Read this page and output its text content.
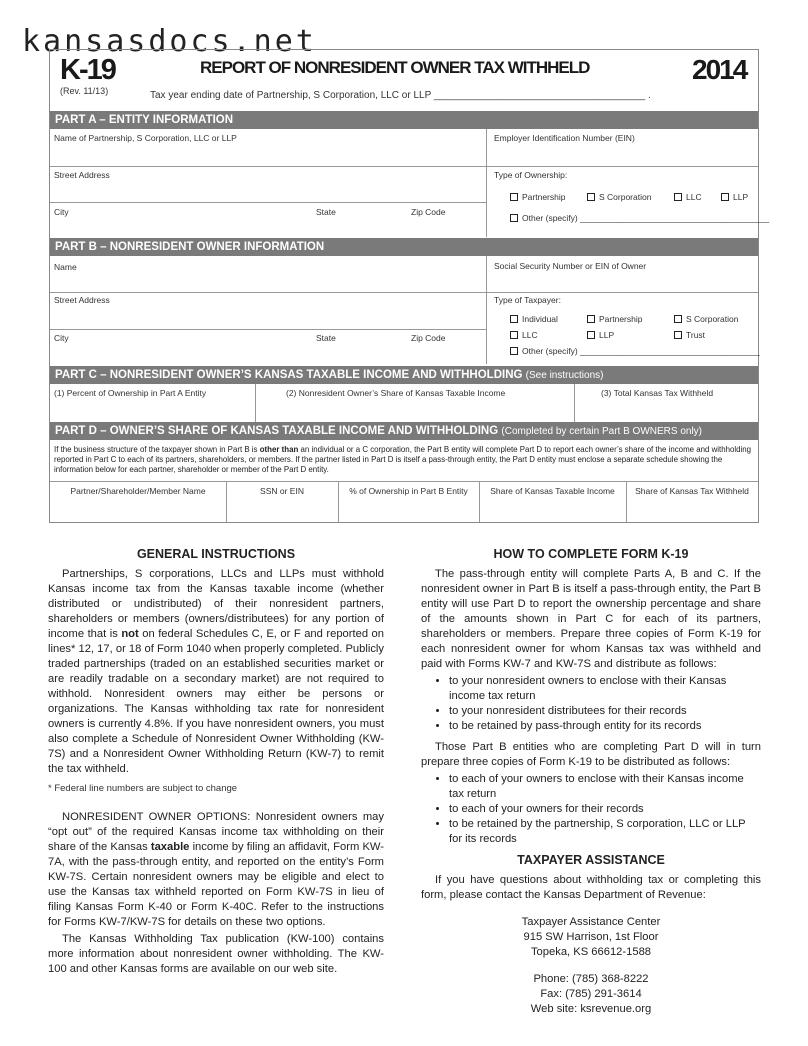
kansasdocs.net
K-19
(Rev. 11/13)
REPORT OF NONRESIDENT OWNER TAX WITHHELD	2014
Tax year ending date of Partnership, S Corporation, LLC or LLP ______________________________________ .
PART A – ENTITY INFORMATION
Name of Partnership, S Corporation, LLC or LLP	Employer Identification Number (EIN)
Street Address	Type of Ownership:
Partnership	S Corporation	LLC	LLP
City	State	Zip Code
Other (specify) ________________________________________
PART B – NONRESIDENT OWNER INFORMATION
Name	Social Security Number or EIN of Owner
Street Address	Type of Taxpayer:
Individual	Partnership	S Corporation
LLC	LLP	Trust
City	State	Zip Code
Other (specify) ______________________________________
PART C – NONRESIDENT OWNER’S KANSAS TAXABLE INCOME AND WITHHOLDING (See instructions)
(1) Percent of Ownership in Part A Entity	(2) Nonresident Owner’s Share of Kansas Taxable Income	(3) Total Kansas Tax Withheld
PART D – OWNER’S SHARE OF KANSAS TAXABLE INCOME AND WITHHOLDING (Completed by certain Part B OWNERS only)
If the business structure of the taxpayer shown in Part B is other than an individual or a C corporation, the Part B entity will complete Part D to report each owner’s share of the income and withholding reported in Part C to each of its partners, shareholders, or members. If the partner listed in Part D is itself a pass-through entity, the Part D entity must enclose a separate schedule showing the information below for each partner, shareholder or member of the Part D entity.
Partner/Shareholder/Member Name	SSN or EIN	% of Ownership in Part B Entity	Share of Kansas Taxable Income	Share of Kansas Tax Withheld
GENERAL INSTRUCTIONS

Partnerships, S corporations, LLCs and LLPs must withhold Kansas income tax from the Kansas taxable income (whether distributed or undistributed) of their nonresident partners, shareholders or members (owners/distributees) for any portion of income that is not on federal Schedules C, E, or F and reported on lines* 12, 17, or 18 of Form 1040 when properly completed. Publicly traded partnerships (traded on an established securities market or are readily tradable on a secondary market) are not required to withhold. Nonresident owners may either be persons or organizations. The Kansas withholding tax rate for nonresident owners is currently 4.8%. If you have nonresident owners, you must also complete a Schedule of Nonresident Owner Withholding (KW-7S) and a Nonresident Owner Withholding Return (KW-7) to remit the tax withheld.

* Federal line numbers are subject to change

NONRESIDENT OWNER OPTIONS: Nonresident owners may “opt out” of the required Kansas income tax withholding on their share of the Kansas taxable income by filing an affidavit, Form KW-7A, with the pass-through entity, and reported on the entity’s Form KW-7S. Certain nonresident owners may be eligible and elect to use the Kansas tax withheld reported on Form KW-7S in lieu of filing Kansas Form K-40 or Form K-40C. Refer to the instructions for Forms KW-7/KW-7S for details on these two options.

The Kansas Withholding Tax publication (KW-100) contains more information about nonresident owner withholding. The KW-100 and other Kansas forms are available on our web site.

HOW TO COMPLETE FORM K-19

The pass-through entity will complete Parts A, B and C. If the nonresident owner in Part B is itself a pass-through entity, the Part B entity will use Part D to report the ownership percentage and share of the amounts shown in Part C for each of its partners, shareholders or members. Prepare three copies of Form K-19 for each nonresident owner for whom Kansas tax was withheld and paid with Forms KW-7 and KW-7S and distribute as follows:

• to your nonresident owners to enclose with their Kansas income tax return
• to your nonresident distributees for their records
• to be retained by pass-through entity for its records

Those Part B entities who are completing Part D will in turn prepare three copies of Form K-19 to be distributed as follows:

• to each of your owners to enclose with their Kansas income tax return
• to each of your owners for their records
• to be retained by the partnership, S corporation, LLC or LLP for its records
TAXPAYER ASSISTANCE

If you have questions about withholding tax or completing this form, please contact the Kansas Department of Revenue:

Taxpayer Assistance Center

915 SW Harrison, 1st Floor

Topeka, KS 66612-1588

Phone: (785) 368-8222

Fax: (785) 291-3614

Web site: ksrevenue.org
